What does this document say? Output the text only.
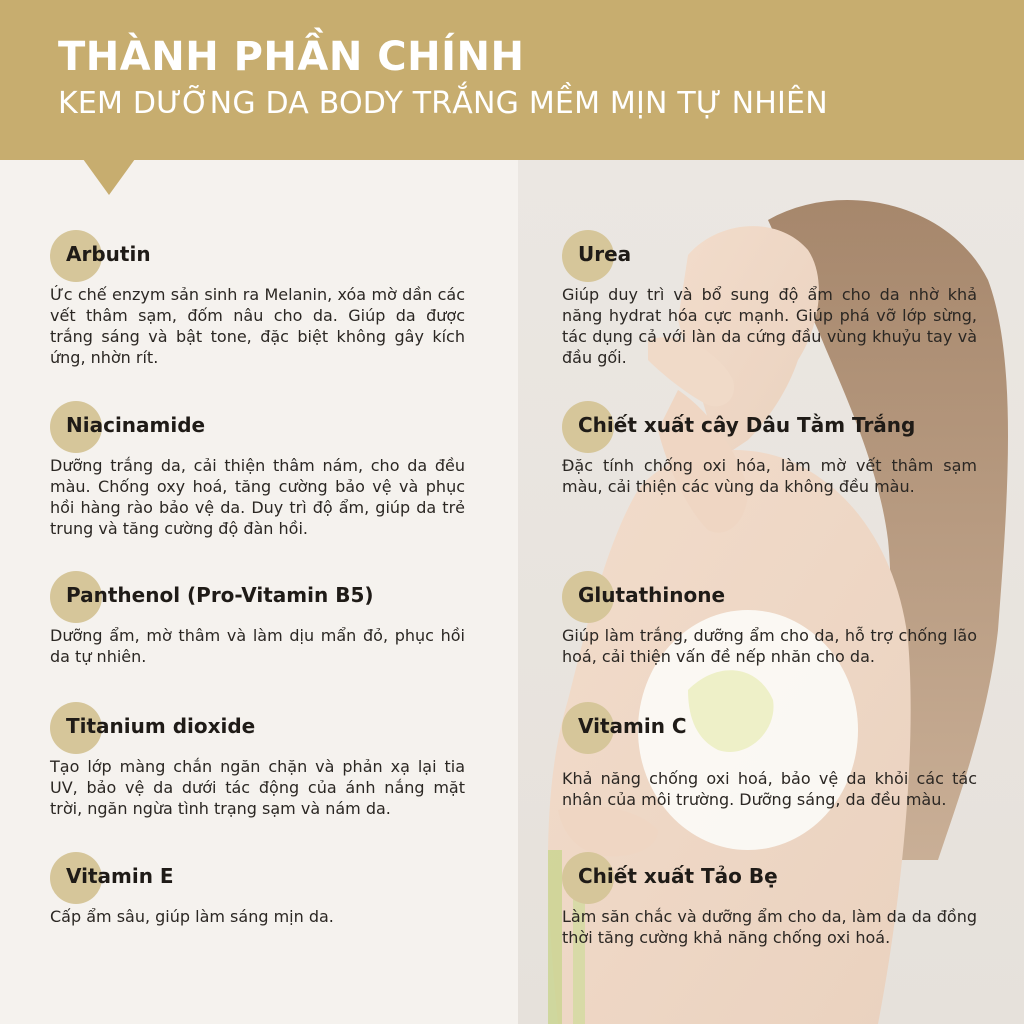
THÀNH PHẦN CHÍNH
KEM DƯỠNG DA BODY TRẮNG MỀM MỊN TỰ NHIÊN
Arbutin
Ức chế enzym sản sinh ra Melanin, xóa mờ dần các vết thâm sạm, đốm nâu cho da. Giúp da được trắng sáng và bật tone, đặc biệt không gây kích ứng, nhờn rít.
Niacinamide
Dưỡng trắng da, cải thiện thâm nám, cho da đều màu. Chống oxy hoá, tăng cường bảo vệ và phục hồi hàng rào bảo vệ da. Duy trì độ ẩm, giúp da trẻ trung và tăng cường độ đàn hồi.
Panthenol (Pro-Vitamin B5)
Dưỡng ẩm, mờ thâm và làm dịu mẩn đỏ, phục hồi da tự nhiên.
Titanium dioxide
Tạo lớp màng chắn ngăn chặn và phản xạ lại tia UV, bảo vệ da dưới tác động của ánh nắng mặt trời, ngăn ngừa tình trạng sạm và nám da.
Vitamin E
Cấp ẩm sâu, giúp làm sáng mịn da.
Urea
Giúp duy trì và bổ sung độ ẩm cho da nhờ khả năng hydrat hóa cực mạnh. Giúp phá vỡ lớp sừng, tác dụng cả với làn da cứng đầu vùng khuỷu tay và đầu gối.
Chiết xuất cây Dâu Tằm Trắng
Đặc tính chống oxi hóa, làm mờ vết thâm sạm màu, cải thiện các vùng da không đều màu.
Glutathinone
Giúp làm trắng, dưỡng ẩm cho da, hỗ trợ chống lão hoá, cải thiện vấn đề nếp nhăn cho da.
Vitamin C
Khả năng chống oxi hoá, bảo vệ da khỏi các tác nhân của môi trường. Dưỡng sáng, da đều màu.
Chiết xuất Tảo Bẹ
Làm săn chắc và dưỡng ẩm cho da, làm da da đồng thời tăng cường khả năng chống oxi hoá.
